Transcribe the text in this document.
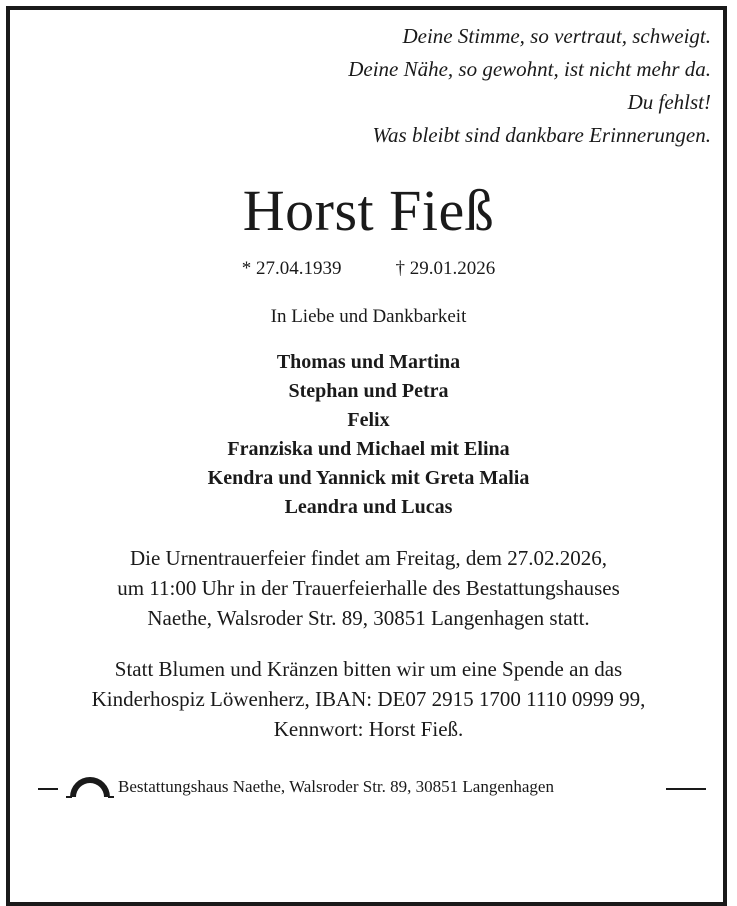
Deine Stimme, so vertraut, schweigt.
Deine Nähe, so gewohnt, ist nicht mehr da.
Du fehlst!
Was bleibt sind dankbare Erinnerungen.
Horst Fieß
* 27.04.1939	† 29.01.2026
In Liebe und Dankbarkeit
Thomas und Martina
Stephan und Petra
Felix
Franziska und Michael mit Elina
Kendra und Yannick mit Greta Malia
Leandra und Lucas
Die Urnentrauerfeier findet am Freitag, dem 27.02.2026,
um 11:00 Uhr in der Trauerfeierhalle des Bestattungshauses
Naethe, Walsroder Str. 89, 30851 Langenhagen statt.
Statt Blumen und Kränzen bitten wir um eine Spende an das
Kinderhospiz Löwenherz, IBAN: DE07 2915 1700 1110 0999 99,
Kennwort: Horst Fieß.
Bestattungshaus Naethe, Walsroder Str. 89, 30851 Langenhagen
